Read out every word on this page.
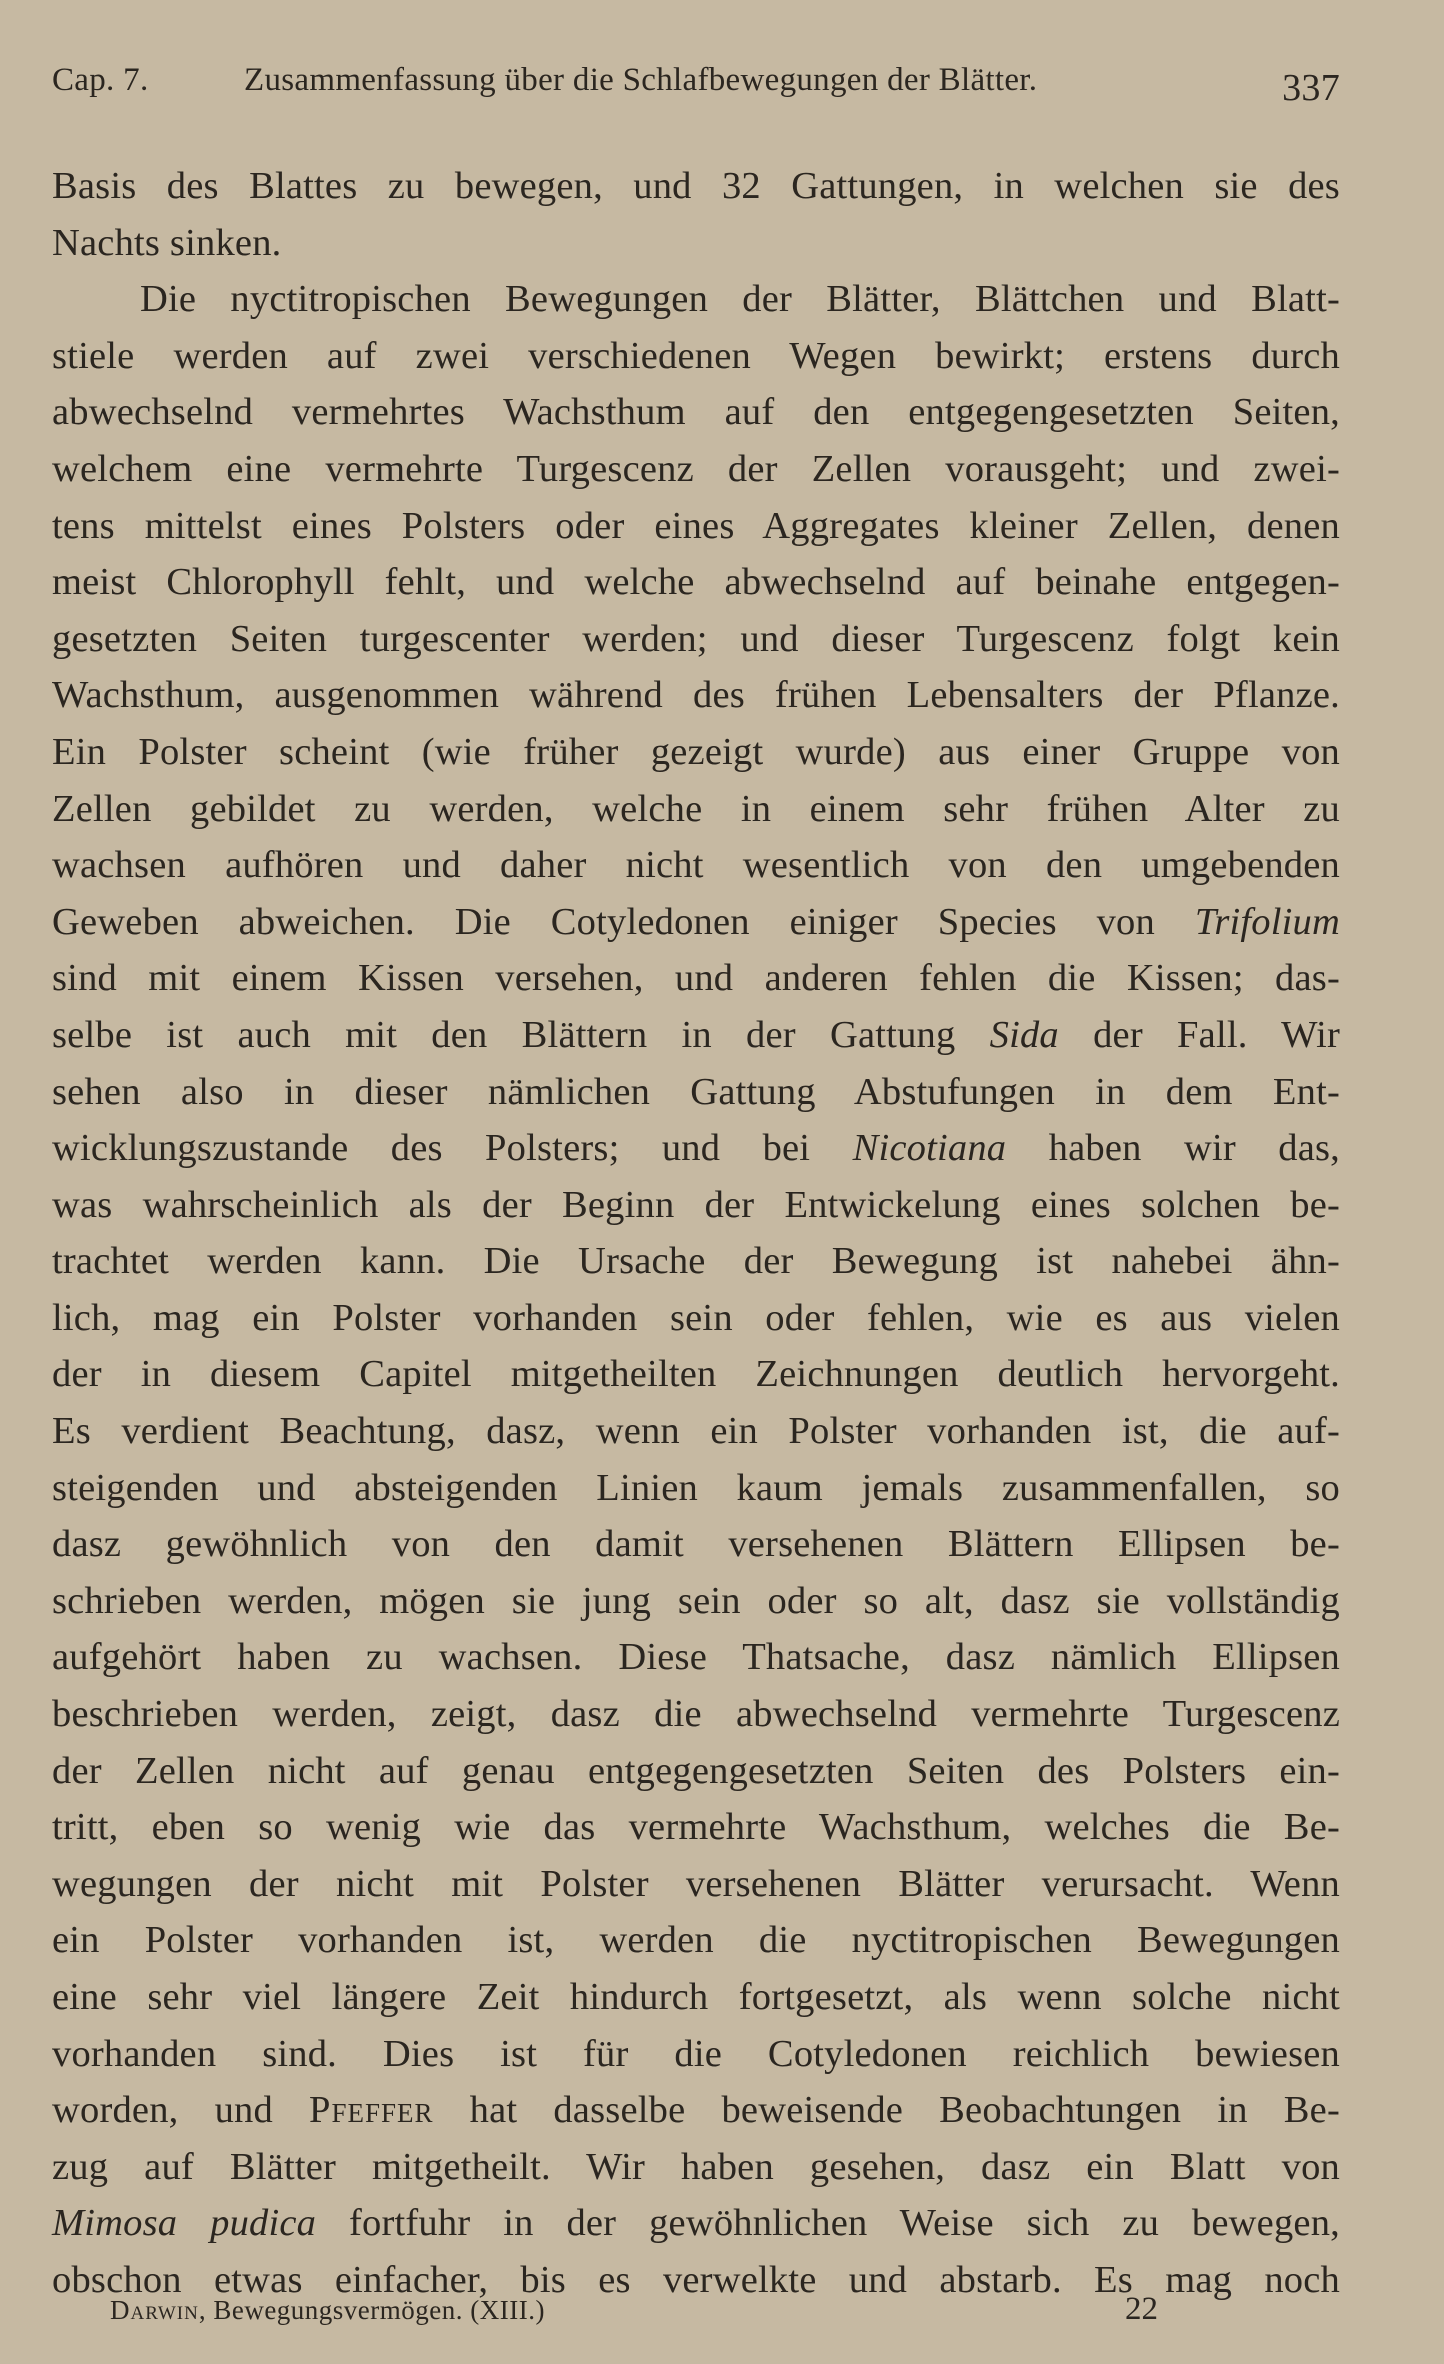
Cap. 7.	Zusammenfassung über die Schlafbewegungen der Blätter.	337
Basis des Blattes zu bewegen, und 32 Gattungen, in welchen sie des
Nachts sinken.
Die nyctitropischen Bewegungen der Blätter, Blättchen und Blatt-
stiele werden auf zwei verschiedenen Wegen bewirkt; erstens durch
abwechselnd vermehrtes Wachsthum auf den entgegengesetzten Seiten,
welchem eine vermehrte Turgescenz der Zellen vorausgeht; und zwei-
tens mittelst eines Polsters oder eines Aggregates kleiner Zellen, denen
meist Chlorophyll fehlt, und welche abwechselnd auf beinahe entgegen-
gesetzten Seiten turgescenter werden; und dieser Turgescenz folgt kein
Wachsthum, ausgenommen während des frühen Lebensalters der Pflanze.
Ein Polster scheint (wie früher gezeigt wurde) aus einer Gruppe von
Zellen gebildet zu werden, welche in einem sehr frühen Alter zu
wachsen aufhören und daher nicht wesentlich von den umgebenden
Geweben abweichen. Die Cotyledonen einiger Species von Trifolium
sind mit einem Kissen versehen, und anderen fehlen die Kissen; das-
selbe ist auch mit den Blättern in der Gattung Sida der Fall. Wir
sehen also in dieser nämlichen Gattung Abstufungen in dem Ent-
wicklungszustande des Polsters; und bei Nicotiana haben wir das,
was wahrscheinlich als der Beginn der Entwickelung eines solchen be-
trachtet werden kann. Die Ursache der Bewegung ist nahebei ähn-
lich, mag ein Polster vorhanden sein oder fehlen, wie es aus vielen
der in diesem Capitel mitgetheilten Zeichnungen deutlich hervorgeht.
Es verdient Beachtung, dasz, wenn ein Polster vorhanden ist, die auf-
steigenden und absteigenden Linien kaum jemals zusammenfallen, so
dasz gewöhnlich von den damit versehenen Blättern Ellipsen be-
schrieben werden, mögen sie jung sein oder so alt, dasz sie vollständig
aufgehört haben zu wachsen. Diese Thatsache, dasz nämlich Ellipsen
beschrieben werden, zeigt, dasz die abwechselnd vermehrte Turgescenz
der Zellen nicht auf genau entgegengesetzten Seiten des Polsters ein-
tritt, eben so wenig wie das vermehrte Wachsthum, welches die Be-
wegungen der nicht mit Polster versehenen Blätter verursacht. Wenn
ein Polster vorhanden ist, werden die nyctitropischen Bewegungen
eine sehr viel längere Zeit hindurch fortgesetzt, als wenn solche nicht
vorhanden sind. Dies ist für die Cotyledonen reichlich bewiesen
worden, und Pfeffer hat dasselbe beweisende Beobachtungen in Be-
zug auf Blätter mitgetheilt. Wir haben gesehen, dasz ein Blatt von
Mimosa pudica fortfuhr in der gewöhnlichen Weise sich zu bewegen,
obschon etwas einfacher, bis es verwelkte und abstarb. Es mag noch
Darwin, Bewegungsvermögen. (XIII.)	22
